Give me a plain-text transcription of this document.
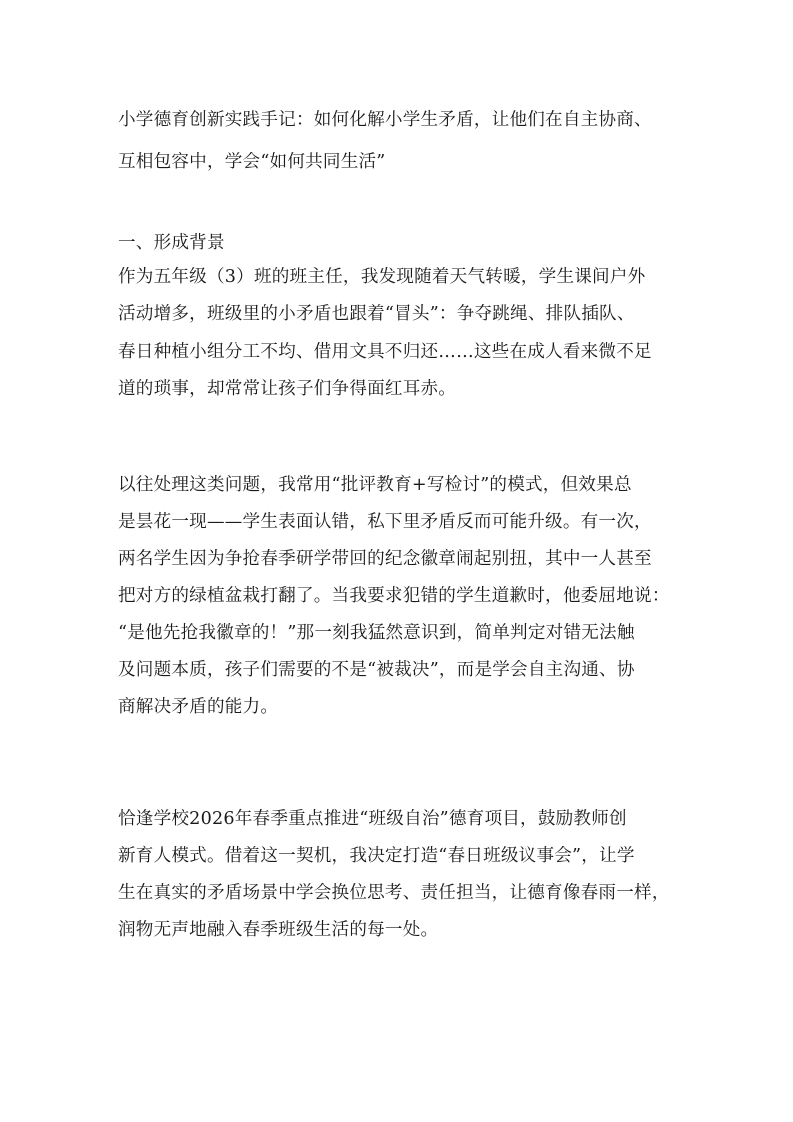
小学德育创新实践手记：如何化解小学生矛盾，让他们在自主协商、
互相包容中，学会“如何共同生活”
一、形成背景
作为五年级（3）班的班主任，我发现随着天气转暖，学生课间户外
活动增多，班级里的小矛盾也跟着“冒头”：争夺跳绳、排队插队、
春日种植小组分工不均、借用文具不归还……这些在成人看来微不足
道的琐事，却常常让孩子们争得面红耳赤。
以往处理这类问题，我常用“批评教育+写检讨”的模式，但效果总
是昙花一现——学生表面认错，私下里矛盾反而可能升级。有一次，
两名学生因为争抢春季研学带回的纪念徽章闹起别扭，其中一人甚至
把对方的绿植盆栽打翻了。当我要求犯错的学生道歉时，他委屈地说：
“是他先抢我徽章的！”那一刻我猛然意识到，简单判定对错无法触
及问题本质，孩子们需要的不是“被裁决”，而是学会自主沟通、协
商解决矛盾的能力。
恰逢学校2026年春季重点推进“班级自治”德育项目，鼓励教师创
新育人模式。借着这一契机，我决定打造“春日班级议事会”，让学
生在真实的矛盾场景中学会换位思考、责任担当，让德育像春雨一样，
润物无声地融入春季班级生活的每一处。
